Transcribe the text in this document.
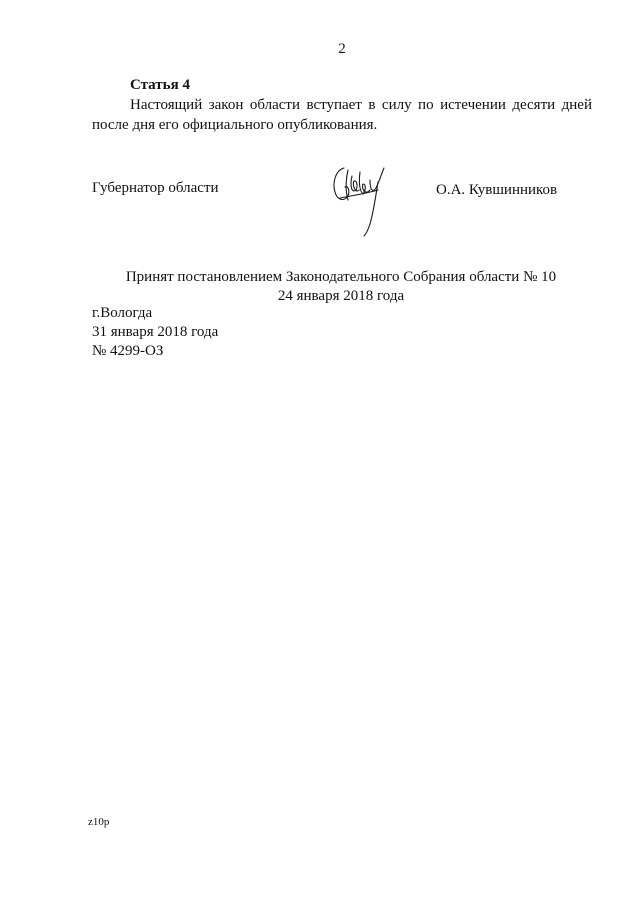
2
Статья 4
Настоящий закон области вступает в силу по истечении десяти дней после дня его официального опубликования.
Губернатор области	О.А. Кувшинников
Принят постановлением Законодательного Собрания области № 10
24 января 2018 года
г.Вологда
31 января 2018 года
№ 4299-ОЗ
z10p
